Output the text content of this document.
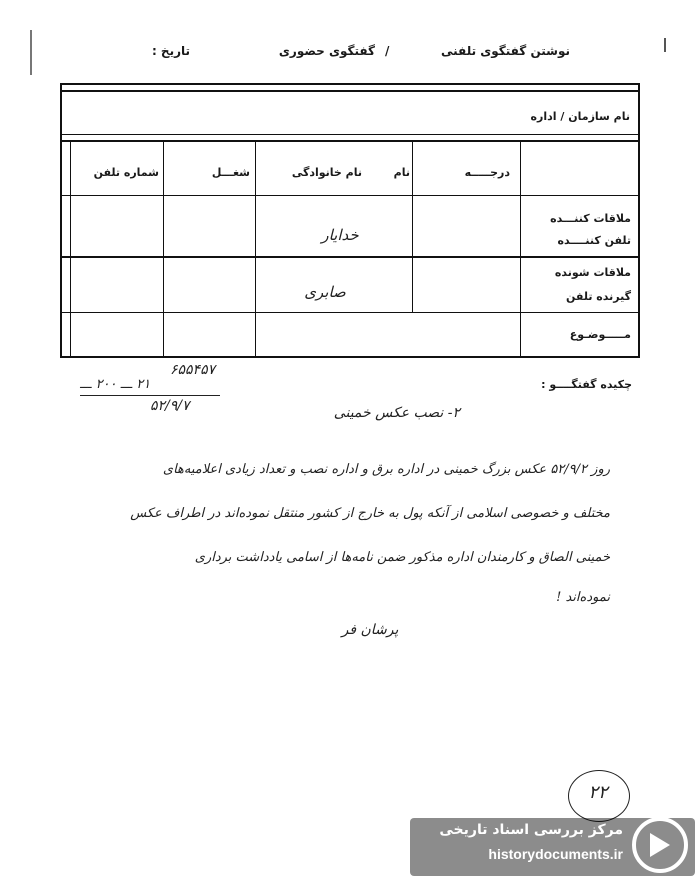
نوشتن گفتگوی تلفنی
/
گفتگوی حضوری
تاریخ :
نام سازمان / اداره
درجـــــه
نام
نام خانوادگی
شغـــل
شماره تلفن
ملاقات کننـــده
تلفن کننــــده
خدایار
ملاقات شونده
گیرنده تلفن
صابری
مـــــوضـوع
چکیده گفتگــــو :
۶۵۵۴۵۷
۲۱ ـــ ۲۰۰ ـــ
۵۲/۹/۷	۲- نصب عکس خمینی
روز ۵۲/۹/۲ عکس بزرگ خمینی در اداره برق و اداره نصب و تعداد زیادی اعلامیه‌های
مختلف و خصوصی اسلامی از آنکه پول به خارج از کشور منتقل نموده‌اند در اطراف عکس
خمینی الصاق و کارمندان اداره مذکور ضمن نامه‌ها از اسامی یادداشت برداری
نموده‌اند !
پرشان فر
۲۲
مرکز بررسی اسناد تاریخی
historydocuments.ir
